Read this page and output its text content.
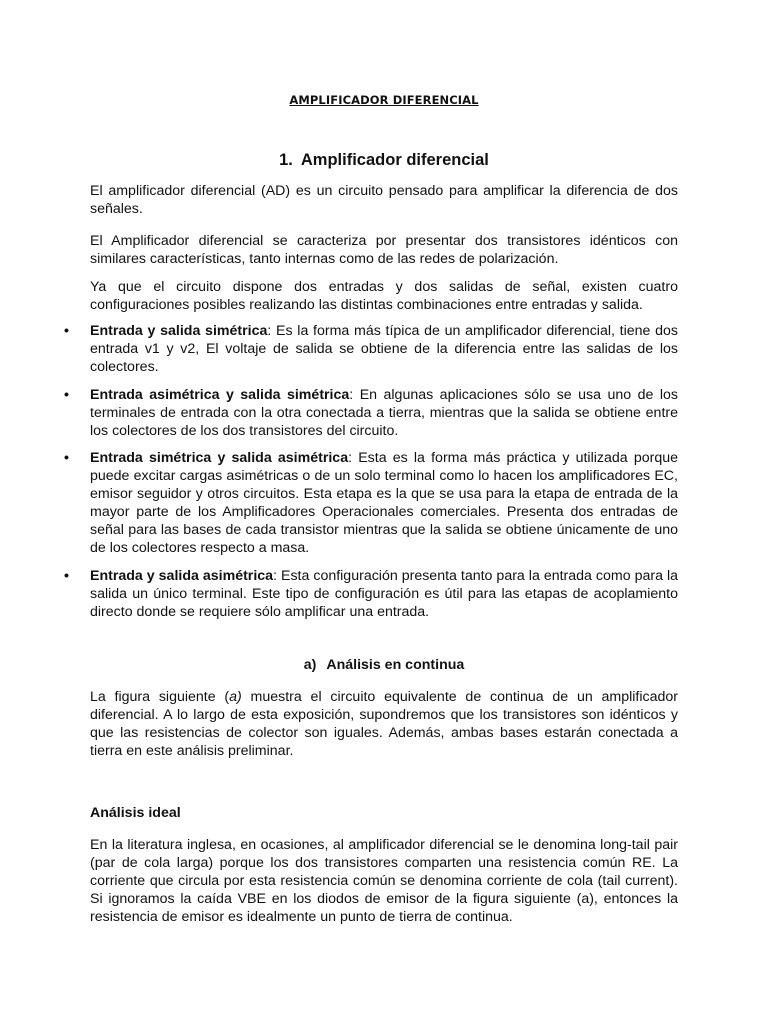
AMPLIFICADOR DIFERENCIAL
1. Amplificador diferencial

El amplificador diferencial (AD) es un circuito pensado para amplificar la diferencia de dos señales.

El Amplificador diferencial se caracteriza por presentar dos transistores idénticos con similares características, tanto internas como de las redes de polarización.

Ya que el circuito dispone dos entradas y dos salidas de señal, existen cuatro configuraciones posibles realizando las distintas combinaciones entre entradas y salida.

• Entrada y salida simétrica: Es la forma más típica de un amplificador diferencial, tiene dos entrada v1 y v2, El voltaje de salida se obtiene de la diferencia entre las salidas de los colectores.

• Entrada asimétrica y salida simétrica: En algunas aplicaciones sólo se usa uno de los terminales de entrada con la otra conectada a tierra, mientras que la salida se obtiene entre los colectores de los dos transistores del circuito.

• Entrada simétrica y salida asimétrica: Esta es la forma más práctica y utilizada porque puede excitar cargas asimétricas o de un solo terminal como lo hacen los amplificadores EC, emisor seguidor y otros circuitos. Esta etapa es la que se usa para la etapa de entrada de la mayor parte de los Amplificadores Operacionales comerciales. Presenta dos entradas de señal para las bases de cada transistor mientras que la salida se obtiene únicamente de uno de los colectores respecto a masa.

• Entrada y salida asimétrica: Esta configuración presenta tanto para la entrada como para la salida un único terminal. Este tipo de configuración es útil para las etapas de acoplamiento directo donde se requiere sólo amplificar una entrada.

a) Análisis en continua

La figura siguiente (a) muestra el circuito equivalente de continua de un amplificador diferencial. A lo largo de esta exposición, supondremos que los transistores son idénticos y que las resistencias de colector son iguales. Además, ambas bases estarán conectada a tierra en este análisis preliminar.

Análisis ideal

En la literatura inglesa, en ocasiones, al amplificador diferencial se le denomina long-tail pair (par de cola larga) porque los dos transistores comparten una resistencia común RE. La corriente que circula por esta resistencia común se denomina corriente de cola (tail current). Si ignoramos la caída VBE en los diodos de emisor de la figura siguiente (a), entonces la resistencia de emisor es idealmente un punto de tierra de continua.
